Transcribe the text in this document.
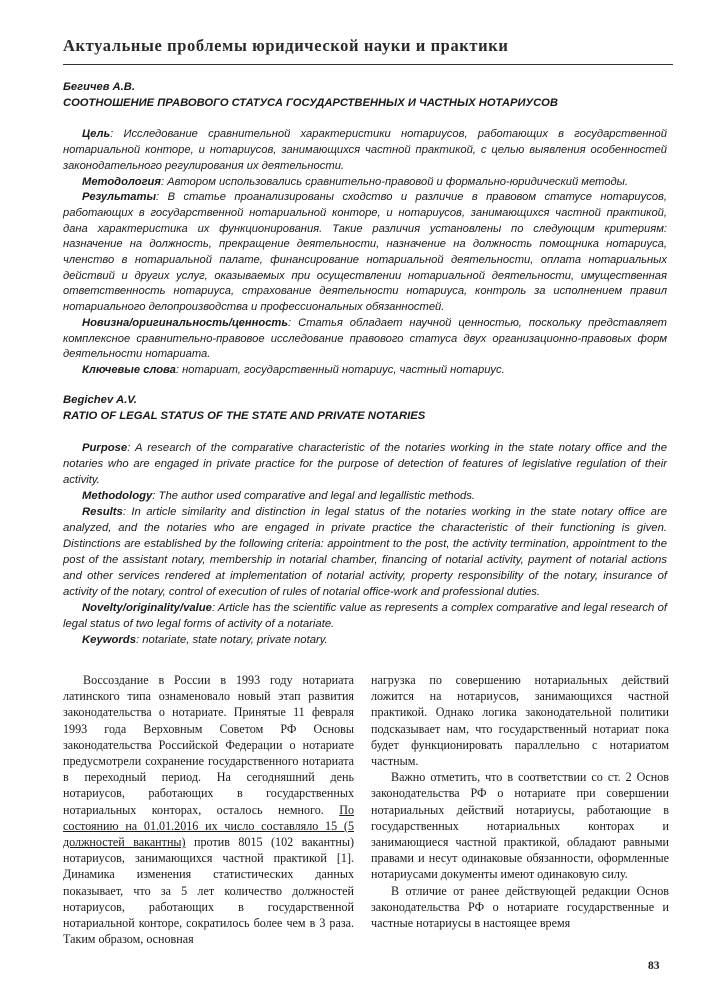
Актуальные проблемы юридической науки и практики

Бегичев А.В.

СООТНОШЕНИЕ ПРАВОВОГО СТАТУСА ГОСУДАРСТВЕННЫХ И ЧАСТНЫХ НОТАРИУСОВ

Цель: Исследование сравнительной характеристики нотариусов, работающих в государственной нотариальной конторе, и нотариусов, занимающихся частной практикой, с целью выявления особенностей законодательного регулирования их деятельности.

Методология: Автором использовались сравнительно-правовой и формально-юридический методы.

Результаты: В статье проанализированы сходство и различие в правовом статусе нотариусов, работающих в государственной нотариальной конторе, и нотариусов, занимающихся частной практикой, дана характеристика их функционирования. Такие различия установлены по следующим критериям: назначение на должность, прекращение деятельности, назначение на должность помощника нотариуса, членство в нотариальной палате, финансирование нотариальной деятельности, оплата нотариальных действий и других услуг, оказываемых при осуществлении нотариальной деятельности, имущественная ответственность нотариуса, страхование деятельности нотариуса, контроль за исполнением правил нотариального делопроизводства и профессиональных обязанностей.

Новизна/оригинальность/ценность: Статья обладает научной ценностью, поскольку представляет комплексное сравнительно-правовое исследование правового статуса двух организационно-правовых форм деятельности нотариата.

Ключевые слова: нотариат, государственный нотариус, частный нотариус.

Begichev A.V.

RATIO OF LEGAL STATUS OF THE STATE AND PRIVATE NOTARIES

Purpose: A research of the comparative characteristic of the notaries working in the state notary office and the notaries who are engaged in private practice for the purpose of detection of features of legislative regulation of their activity.

Methodology: The author used comparative and legal and legallistic methods.

Results: In article similarity and distinction in legal status of the notaries working in the state notary office are analyzed, and the notaries who are engaged in private practice the characteristic of their functioning is given. Distinctions are established by the following criteria: appointment to the post, the activity termination, appointment to the post of the assistant notary, membership in notarial chamber, financing of notarial activity, payment of notarial actions and other services rendered at implementation of notarial activity, property responsibility of the notary, insurance of activity of the notary, control of execution of rules of notarial office-work and professional duties.

Novelty/originality/value: Article has the scientific value as represents a complex comparative and legal research of legal status of two legal forms of activity of a notariate.

Keywords: notariate, state notary, private notary.

Воссоздание в России в 1993 году нотариата латинского типа ознаменовало новый этап развития законодательства о нотариате. Принятые 11 февраля 1993 года Верховным Советом РФ Основы законодательства Российской Федерации о нотариате предусмотрели сохранение государственного нотариата в переходный период. На сегодняшний день нотариусов, работающих в государственных нотариальных конторах, осталось немного. По состоянию на 01.01.2016 их число составляло 15 (5 должностей вакантны) против 8015 (102 вакантны) нотариусов, занимающихся частной практикой [1]. Динамика изменения статистических данных показывает, что за 5 лет количество должностей нотариусов, работающих в государственной нотариальной конторе, сократилось более чем в 3 раза. Таким образом, основная

нагрузка по совершению нотариальных действий ложится на нотариусов, занимающихся частной практикой. Однако логика законодательной политики подсказывает нам, что государственный нотариат пока будет функционировать параллельно с нотариатом частным.

Важно отметить, что в соответствии со ст. 2 Основ законодательства РФ о нотариате при совершении нотариальных действий нотариусы, работающие в государственных нотариальных конторах и занимающиеся частной практикой, обладают равными правами и несут одинаковые обязанности, оформленные нотариусами документы имеют одинаковую силу.

В отличие от ранее действующей редакции Основ законодательства РФ о нотариате государственные и частные нотариусы в настоящее время

83
